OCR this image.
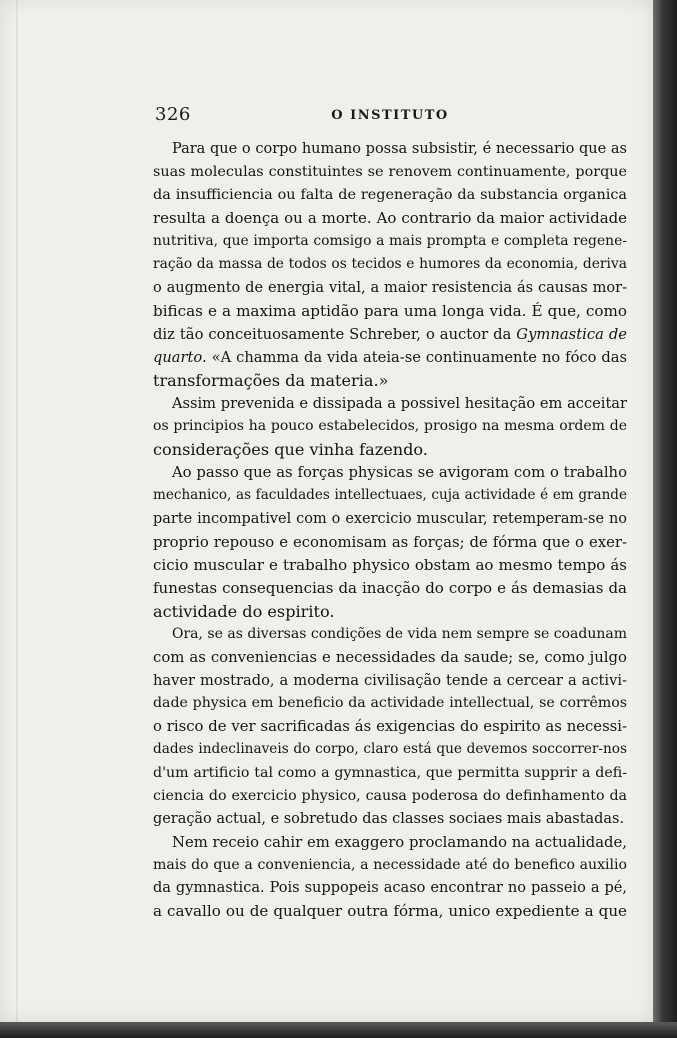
326	O INSTITUTO
Para que o corpo humano possa subsistir, é necessario que as
suas moleculas constituintes se renovem continuamente, porque
da insufficiencia ou falta de regeneração da substancia organica
resulta a doença ou a morte. Ao contrario da maior actividade
nutritiva, que importa comsigo a mais prompta e completa regene-
ração da massa de todos os tecidos e humores da economia, deriva
o augmento de energia vital, a maior resistencia ás causas mor-
bificas e a maxima aptidão para uma longa vida. É que, como
diz tão conceituosamente Schreber, o auctor da Gymnastica de
quarto. «A chamma da vida ateia-se continuamente no fóco das
transformações da materia.»
Assim prevenida e dissipada a possivel hesitação em acceitar
os principios ha pouco estabelecidos, prosigo na mesma ordem de
considerações que vinha fazendo.
Ao passo que as forças physicas se avigoram com o trabalho
mechanico, as faculdades intellectuaes, cuja actividade é em grande
parte incompativel com o exercicio muscular, retemperam-se no
proprio repouso e economisam as forças; de fórma que o exer-
cicio muscular e trabalho physico obstam ao mesmo tempo ás
funestas consequencias da inacção do corpo e ás demasias da
actividade do espirito.
Ora, se as diversas condições de vida nem sempre se coadunam
com as conveniencias e necessidades da saude; se, como julgo
haver mostrado, a moderna civilisação tende a cercear a activi-
dade physica em beneficio da actividade intellectual, se corrêmos
o risco de ver sacrificadas ás exigencias do espirito as necessi-
dades indeclinaveis do corpo, claro está que devemos soccorrer-nos
d'um artificio tal como a gymnastica, que permitta supprir a defi-
ciencia do exercicio physico, causa poderosa do definhamento da
geração actual, e sobretudo das classes sociaes mais abastadas.
Nem receio cahir em exaggero proclamando na actualidade,
mais do que a conveniencia, a necessidade até do benefico auxilio
da gymnastica. Pois suppореis acaso encontrar no passeio a pé,
a cavallo ou de qualquer outra fórma, unico expediente a que
